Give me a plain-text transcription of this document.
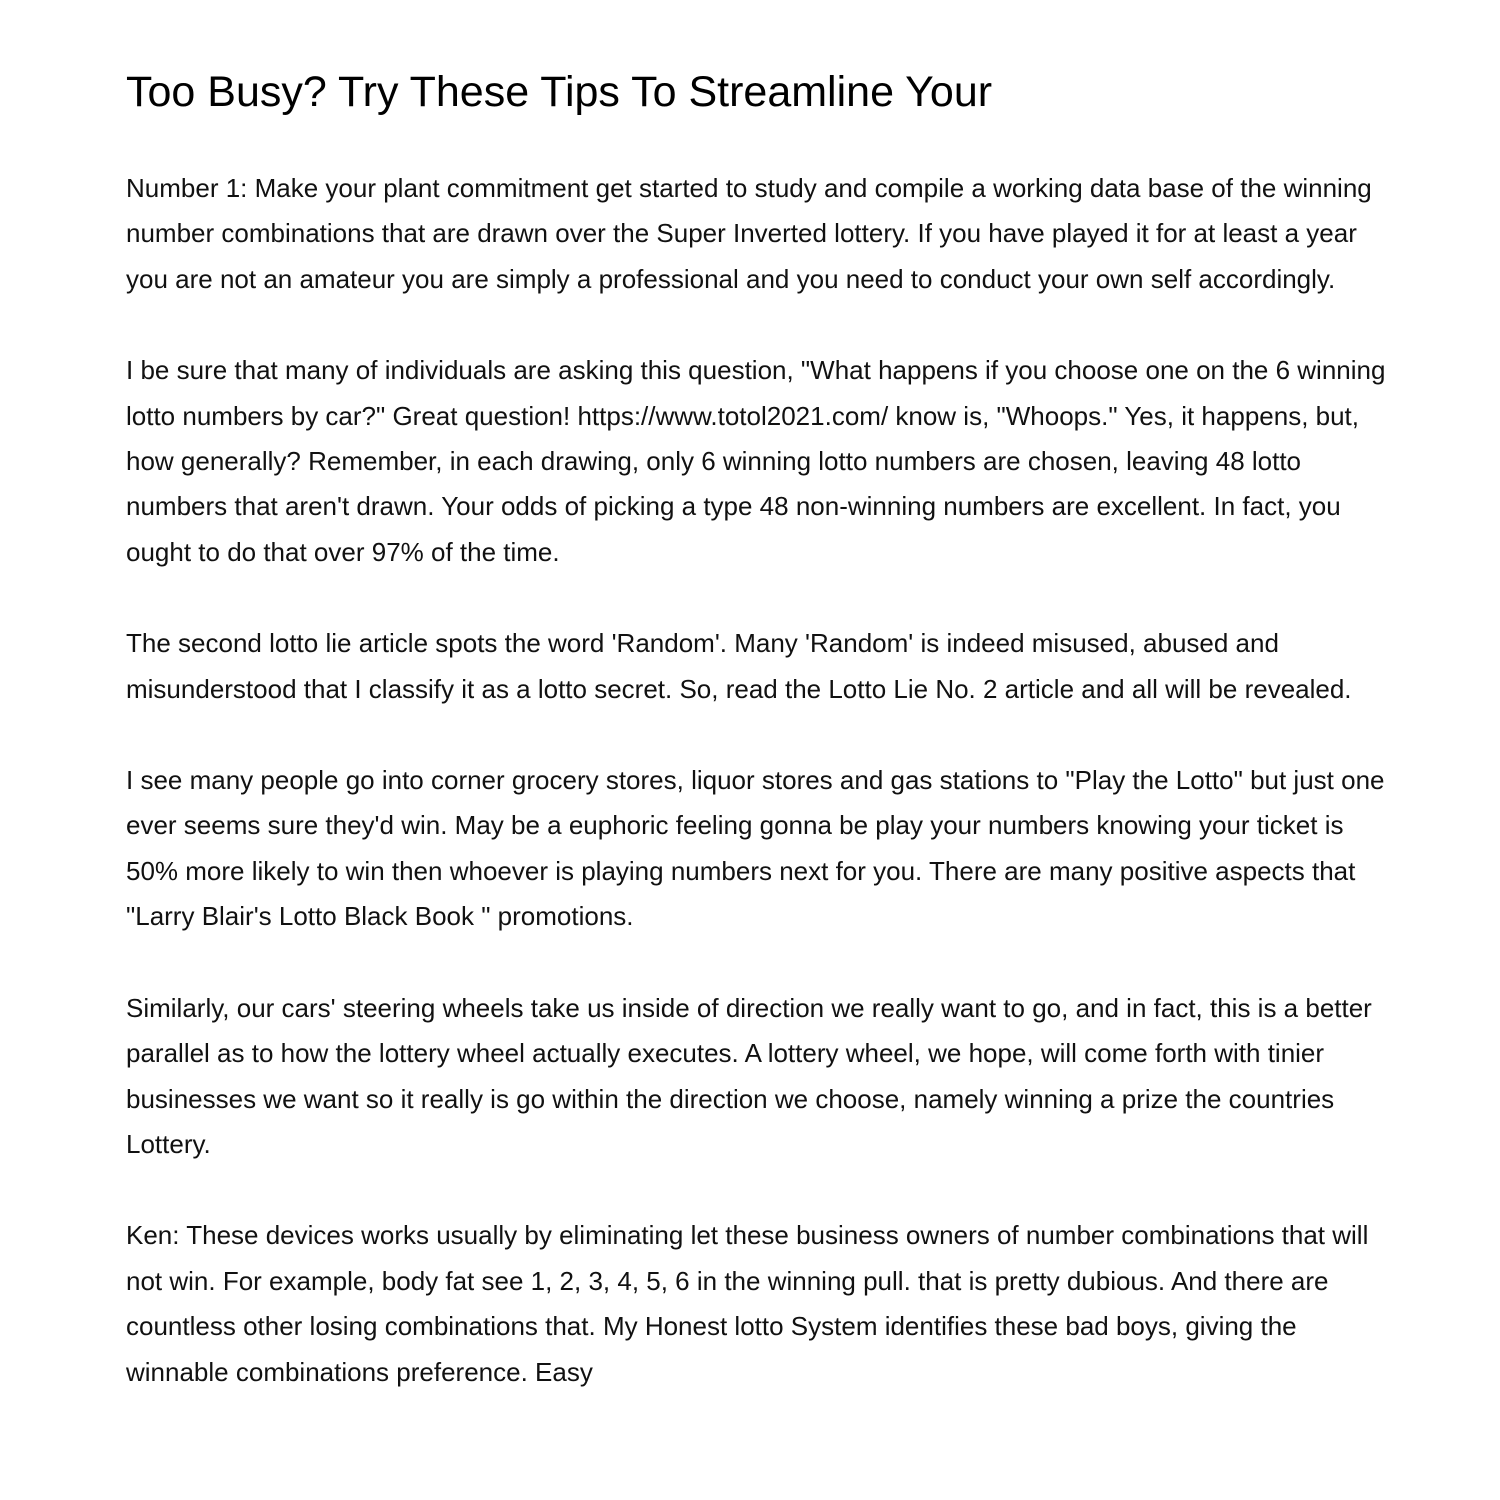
Too Busy? Try These Tips To Streamline Your

Number 1: Make your plant commitment get started to study and compile a working data base of the winning number combinations that are drawn over the Super Inverted lottery. If you have played it for at least a year you are not an amateur you are simply a professional and you need to conduct your own self accordingly.

I be sure that many of individuals are asking this question, "What happens if you choose one on the 6 winning lotto numbers by car?" Great question! https://www.totol2021.com/ know is, "Whoops." Yes, it happens, but, how generally? Remember, in each drawing, only 6 winning lotto numbers are chosen, leaving 48 lotto numbers that aren't drawn. Your odds of picking a type 48 non-winning numbers are excellent. In fact, you ought to do that over 97% of the time.

The second lotto lie article spots the word 'Random'. Many 'Random' is indeed misused, abused and misunderstood that I classify it as a lotto secret. So, read the Lotto Lie No. 2 article and all will be revealed.

I see many people go into corner grocery stores, liquor stores and gas stations to "Play the Lotto" but just one ever seems sure they'd win. May be a euphoric feeling gonna be play your numbers knowing your ticket is 50% more likely to win then whoever is playing numbers next for you. There are many positive aspects that "Larry Blair's Lotto Black Book " promotions.

Similarly, our cars' steering wheels take us inside of direction we really want to go, and in fact, this is a better parallel as to how the lottery wheel actually executes. A lottery wheel, we hope, will come forth with tinier businesses we want so it really is go within the direction we choose, namely winning a prize the countries Lottery.

Ken: These devices works usually by eliminating let these business owners of number combinations that will not win. For example, body fat see 1, 2, 3, 4, 5, 6 in the winning pull. that is pretty dubious. And there are countless other losing combinations that. My Honest lotto System identifies these bad boys, giving the winnable combinations preference. Easy
